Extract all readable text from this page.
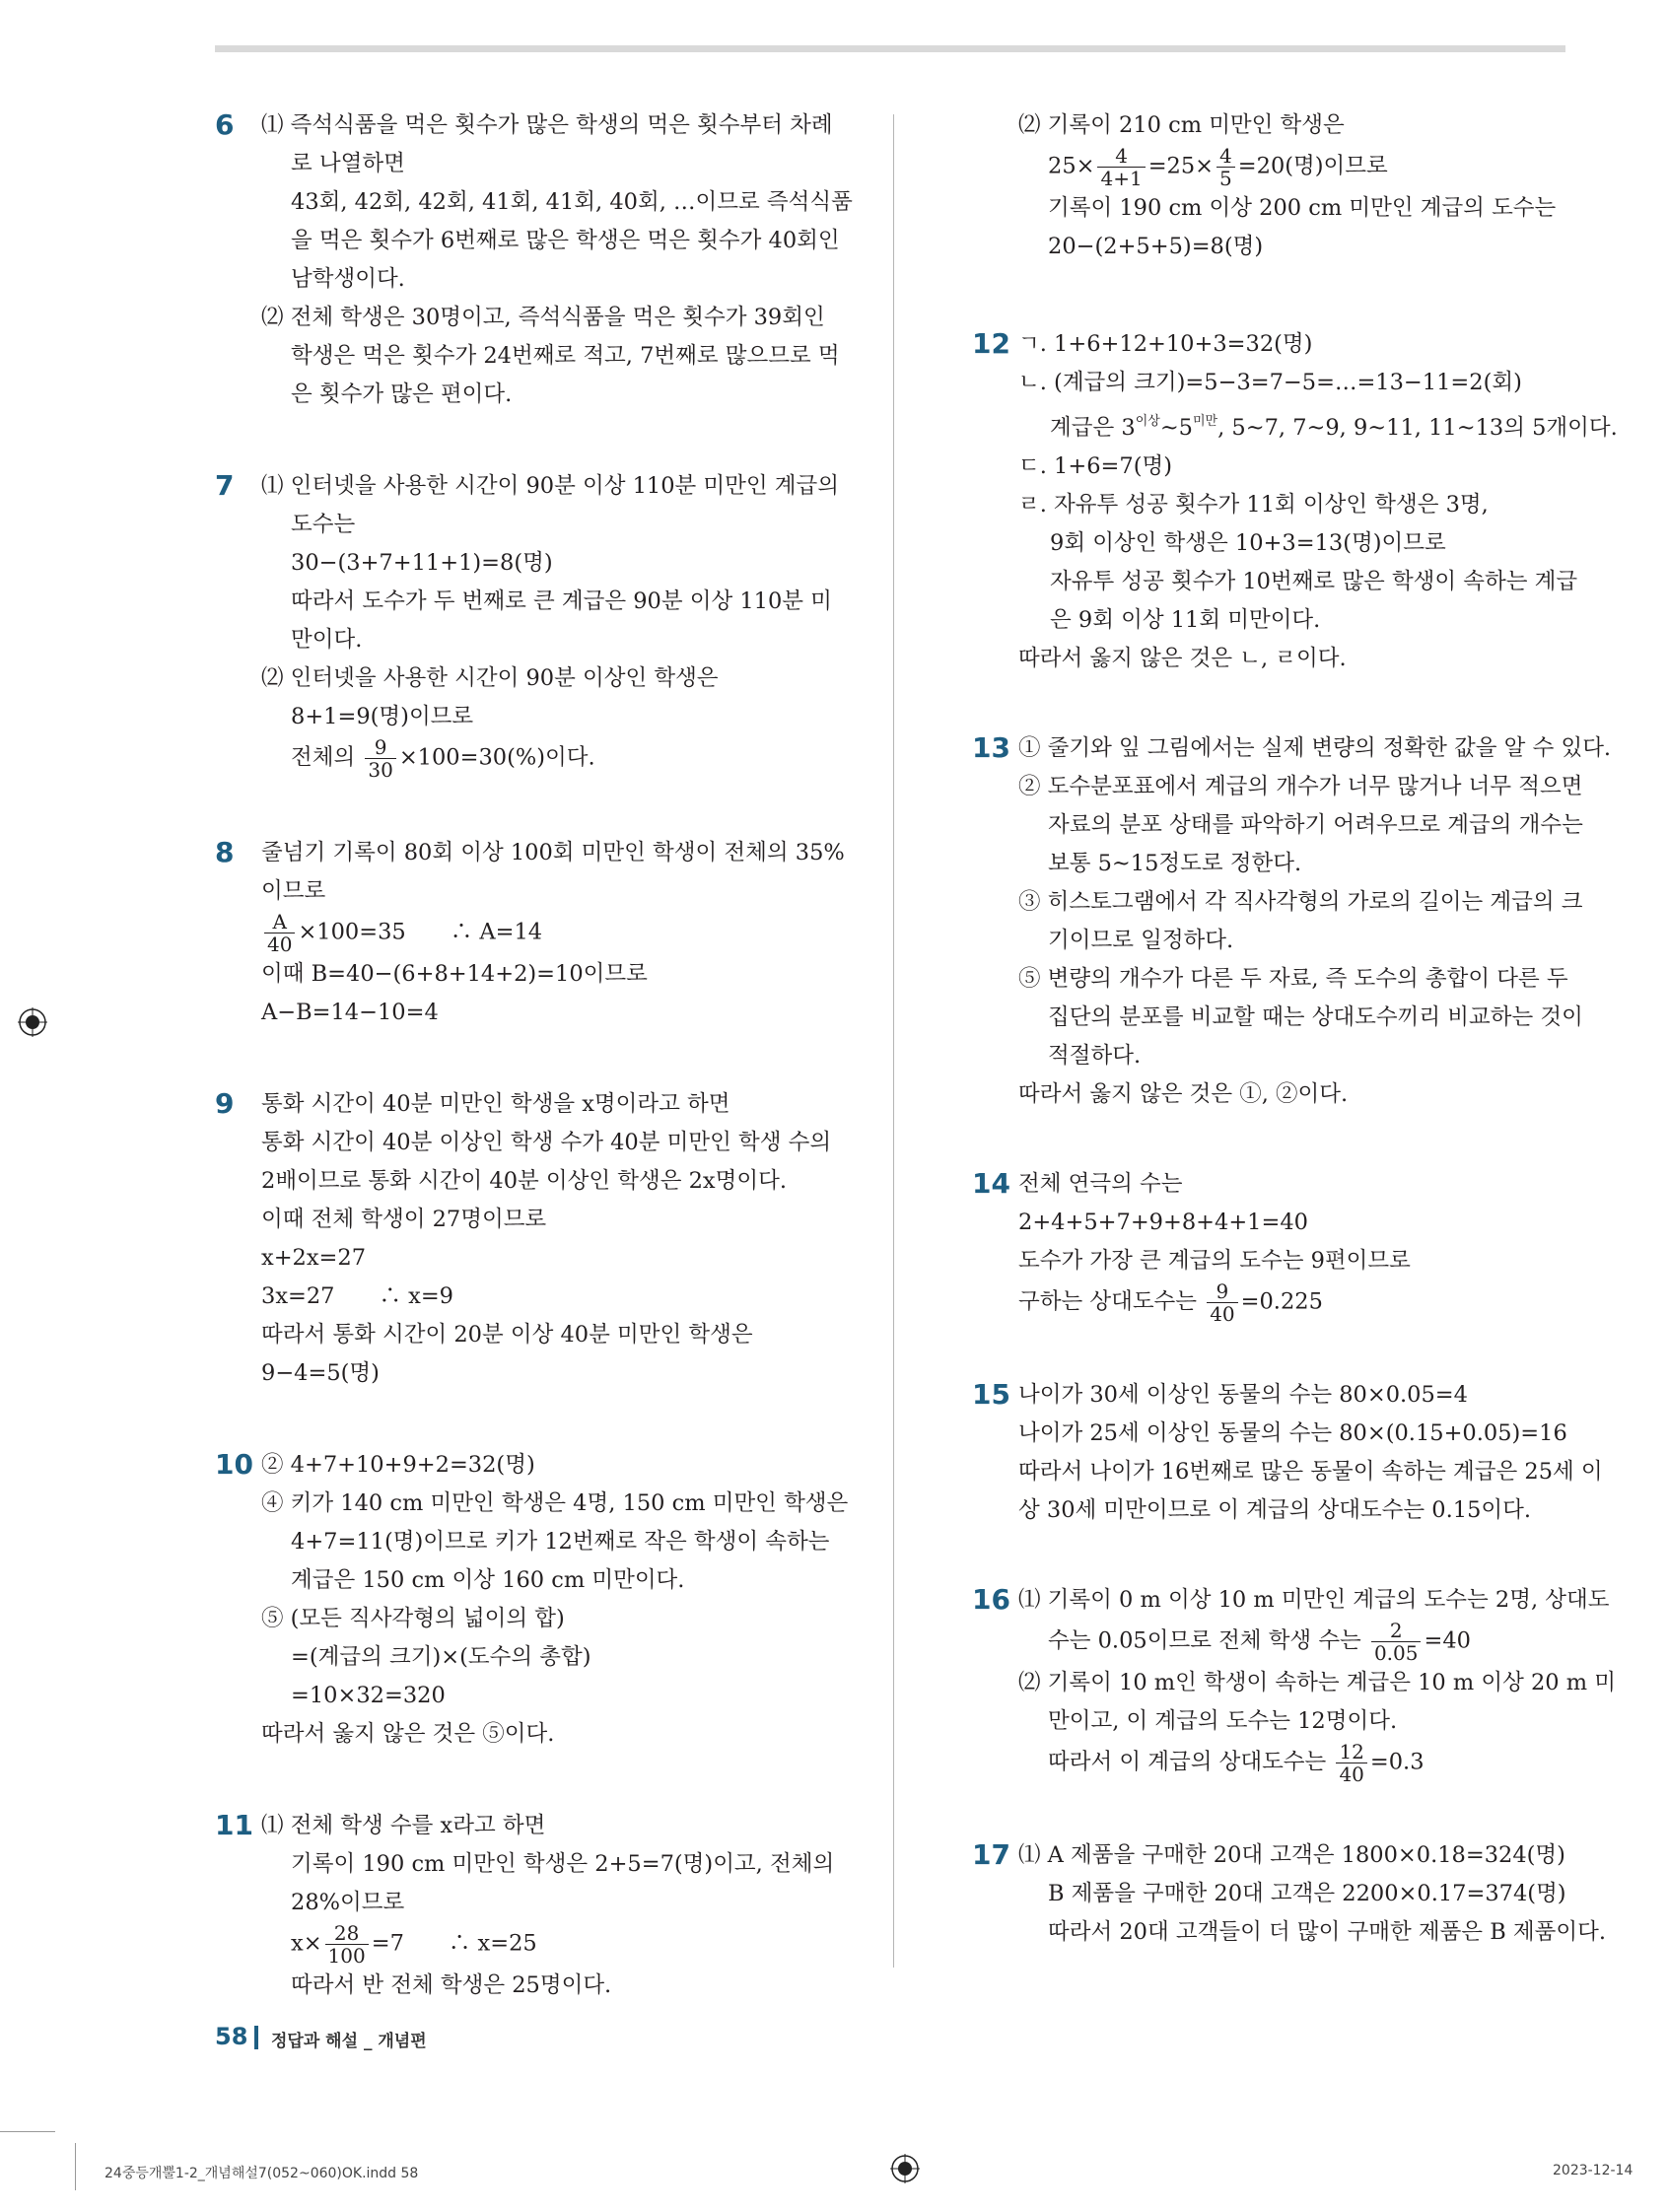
6 ⑴ 즉석식품을 먹은 횟수가 많은 학생의 먹은 횟수부터 차례
로 나열하면
43회, 42회, 42회, 41회, 41회, 40회, …이므로 즉석식품
을 먹은 횟수가 6번째로 많은 학생은 먹은 횟수가 40회인
남학생이다.
⑵ 전체 학생은 30명이고, 즉석식품을 먹은 횟수가 39회인
학생은 먹은 횟수가 24번째로 적고, 7번째로 많으므로 먹
은 횟수가 많은 편이다.
7 ⑴ 인터넷을 사용한 시간이 90분 이상 110분 미만인 계급의
도수는
30−(3+7+11+1)=8(명)
따라서 도수가 두 번째로 큰 계급은 90분 이상 110분 미
만이다.
⑵ 인터넷을 사용한 시간이 90분 이상인 학생은
8+1=9(명)이므로
전체의 $\frac{9}{30} \times 100=30(\%)$이다.
8 줄넘기 기록이 80회 이상 100회 미만인 학생이 전체의 35%
이므로
$\frac{A}{40} \times 100=35$　　∴ A=14
이때 B=40−(6+8+14+2)=10이므로
A−B=14−10=4
9 통화 시간이 40분 미만인 학생을 x명이라고 하면
통화 시간이 40분 이상인 학생 수가 40분 미만인 학생 수의
2배이므로 통화 시간이 40분 이상인 학생은 2x명이다.
이때 전체 학생이 27명이므로
x+2x=27
3x=27　　∴ x=9
따라서 통화 시간이 20분 이상 40분 미만인 학생은
9−4=5(명)
10 ② 4+7+10+9+2=32(명)
④ 키가 140 cm 미만인 학생은 4명, 150 cm 미만인 학생은
4+7=11(명)이므로 키가 12번째로 작은 학생이 속하는
계급은 150 cm 이상 160 cm 미만이다.
⑤ (모든 직사각형의 넓이의 합)
=(계급의 크기)×(도수의 총합)
=10×32=320
따라서 옳지 않은 것은 ⑤이다.
11 ⑴ 전체 학생 수를 x라고 하면
기록이 190 cm 미만인 학생은 2+5=7(명)이고, 전체의
28%이므로
$x\times \frac{28}{100} =7$　　∴ x=25
따라서 반 전체 학생은 25명이다.
⑵ 기록이 210 cm 미만인 학생은
$25\times \frac{4}{4+1} =25\times \frac{4}{5} =20$(명)이므로
기록이 190 cm 이상 200 cm 미만인 계급의 도수는
20−(2+5+5)=8(명)
12 ㄱ. 1+6+12+10+3=32(명)
ㄴ. (계급의 크기)=5−3=7−5=…=13−11=2(회)
계급은 $3^{이상}\sim 5^{미만}$, 5~7, 7~9, 9~11, 11~13의 5개이다.
ㄷ. 1+6=7(명)
ㄹ. 자유투 성공 횟수가 11회 이상인 학생은 3명,
9회 이상인 학생은 10+3=13(명)이므로
자유투 성공 횟수가 10번째로 많은 학생이 속하는 계급
은 9회 이상 11회 미만이다.
따라서 옳지 않은 것은 ㄴ, ㄹ이다.
13 ① 줄기와 잎 그림에서는 실제 변량의 정확한 값을 알 수 있다.
② 도수분포표에서 계급의 개수가 너무 많거나 너무 적으면
자료의 분포 상태를 파악하기 어려우므로 계급의 개수는
보통 5~15정도로 정한다.
③ 히스토그램에서 각 직사각형의 가로의 길이는 계급의 크
기이므로 일정하다.
⑤ 변량의 개수가 다른 두 자료, 즉 도수의 총합이 다른 두
집단의 분포를 비교할 때는 상대도수끼리 비교하는 것이
적절하다.
따라서 옳지 않은 것은 ①, ②이다.
14 전체 연극의 수는
2+4+5+7+9+8+4+1=40
도수가 가장 큰 계급의 도수는 9편이므로
구하는 상대도수는 $\frac{9}{40} =0.225$
15 나이가 30세 이상인 동물의 수는 80×0.05=4
나이가 25세 이상인 동물의 수는 80×(0.15+0.05)=16
따라서 나이가 16번째로 많은 동물이 속하는 계급은 25세 이
상 30세 미만이므로 이 계급의 상대도수는 0.15이다.
16 ⑴ 기록이 0 m 이상 10 m 미만인 계급의 도수는 2명, 상대도
수는 0.05이므로 전체 학생 수는 $\frac{2}{0.05} =40$
⑵ 기록이 10 m인 학생이 속하는 계급은 10 m 이상 20 m 미
만이고, 이 계급의 도수는 12명이다.
따라서 이 계급의 상대도수는 $\frac{12}{40} =0.3$
17 ⑴ A 제품을 구매한 20대 고객은 1800×0.18=324(명)
B 제품을 구매한 20대 고객은 2200×0.17=374(명)
따라서 20대 고객들이 더 많이 구매한 제품은 B 제품이다.
58 정답과 해설 _ 개념편
24중등개뿔1-2_개념해설7(052~060)OK.indd 58	2023-12-14
